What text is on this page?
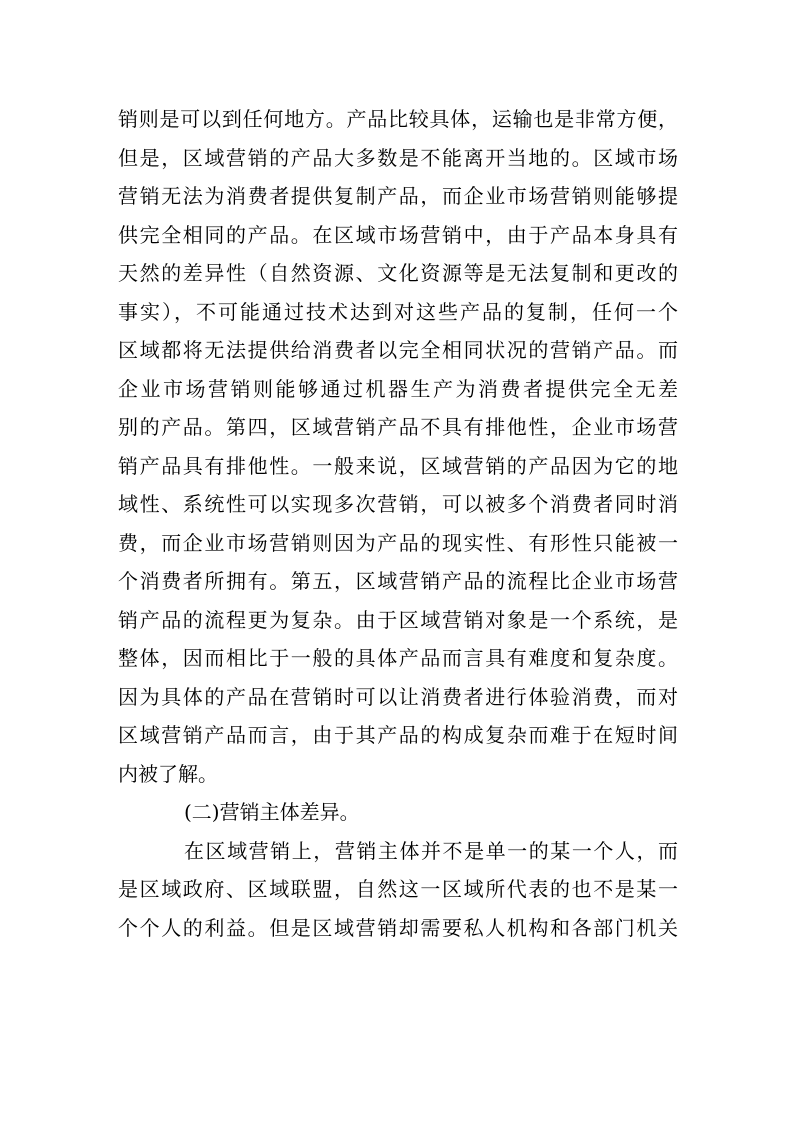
销则是可以到任何地方。产品比较具体，运输也是非常方便，
但是，区域营销的产品大多数是不能离开当地的。区域市场
营销无法为消费者提供复制产品，而企业市场营销则能够提
供完全相同的产品。在区域市场营销中，由于产品本身具有
天然的差异性（自然资源、文化资源等是无法复制和更改的
事实），不可能通过技术达到对这些产品的复制，任何一个
区域都将无法提供给消费者以完全相同状况的营销产品。而
企业市场营销则能够通过机器生产为消费者提供完全无差
别的产品。第四，区域营销产品不具有排他性，企业市场营
销产品具有排他性。一般来说，区域营销的产品因为它的地
域性、系统性可以实现多次营销，可以被多个消费者同时消
费，而企业市场营销则因为产品的现实性、有形性只能被一
个消费者所拥有。第五，区域营销产品的流程比企业市场营
销产品的流程更为复杂。由于区域营销对象是一个系统，是
整体，因而相比于一般的具体产品而言具有难度和复杂度。
因为具体的产品在营销时可以让消费者进行体验消费，而对
区域营销产品而言，由于其产品的构成复杂而难于在短时间
内被了解。
(二)营销主体差异。
在区域营销上，营销主体并不是单一的某一个人，而
是区域政府、区域联盟，自然这一区域所代表的也不是某一
个个人的利益。但是区域营销却需要私人机构和各部门机关
